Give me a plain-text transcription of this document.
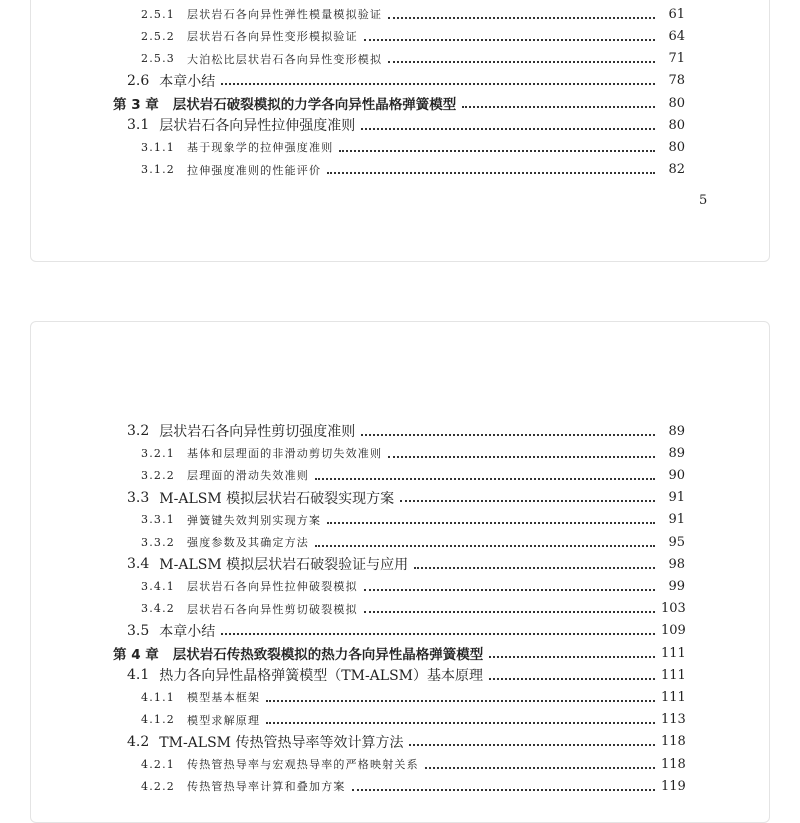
2.5.1 层状岩石各向异性弹性模量模拟验证	61
2.5.2 层状岩石各向异性变形模拟验证	64
2.5.3 大泊松比层状岩石各向异性变形模拟	71
2.6 本章小结	78
第 3 章 层状岩石破裂模拟的力学各向异性晶格弹簧模型	80
3.1 层状岩石各向异性拉伸强度准则	80
3.1.1 基于现象学的拉伸强度准则	80
3.1.2 拉伸强度准则的性能评价	82
5
3.2 层状岩石各向异性剪切强度准则	89
3.2.1 基体和层理面的非滑动剪切失效准则	89
3.2.2 层理面的滑动失效准则	90
3.3 M-ALSM 模拟层状岩石破裂实现方案	91
3.3.1 弹簧键失效判别实现方案	91
3.3.2 强度参数及其确定方法	95
3.4 M-ALSM 模拟层状岩石破裂验证与应用	98
3.4.1 层状岩石各向异性拉伸破裂模拟	99
3.4.2 层状岩石各向异性剪切破裂模拟	103
3.5 本章小结	109
第 4 章 层状岩石传热致裂模拟的热力各向异性晶格弹簧模型	111
4.1 热力各向异性晶格弹簧模型（TM-ALSM）基本原理	111
4.1.1 模型基本框架	111
4.1.2 模型求解原理	113
4.2 TM-ALSM 传热管热导率等效计算方法	118
4.2.1 传热管热导率与宏观热导率的严格映射关系	118
4.2.2 传热管热导率计算和叠加方案	119
